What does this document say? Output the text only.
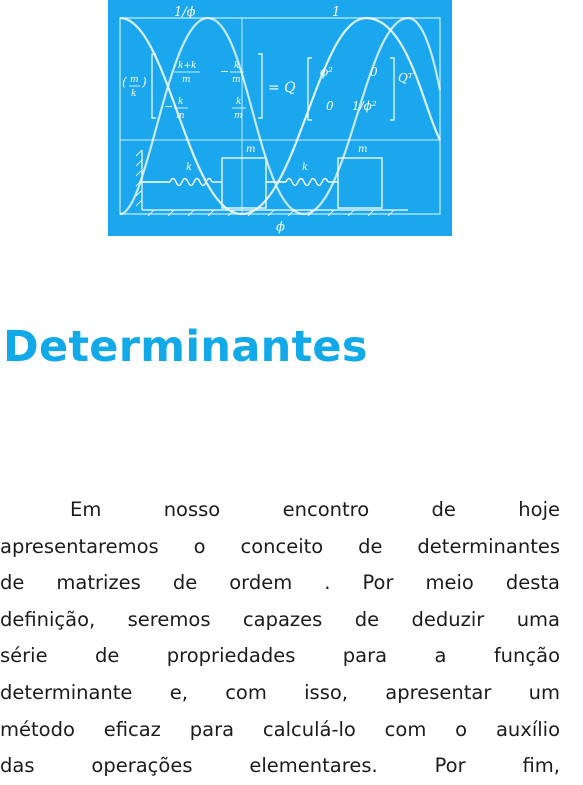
1/ϕ	1
ϕ
( m
k
)
k+k
m
− k
m
− k
m
k
m
= Q
ϕ²	0
0 1/ϕ²
Qᵀ
k
m
k
m
Determinantes
Em nosso encontro de hoje
apresentaremos o conceito de determinantes
de matrizes de ordem . Por meio desta
definição, seremos capazes de deduzir uma
série de propriedades para a função
determinante e, com isso, apresentar um
método eficaz para calculá-lo com o auxílio
das operações elementares. Por fim,
